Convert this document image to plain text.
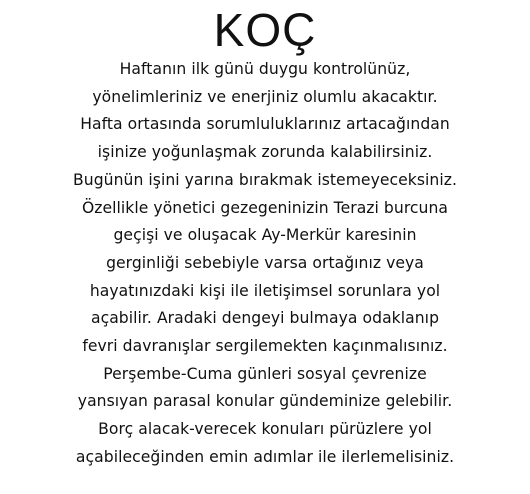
KOÇ
Haftanın ilk günü duygu kontrolünüz,
yönelimleriniz ve enerjiniz olumlu akacaktır.
Hafta ortasında sorumluluklarınız artacağından
işinize yoğunlaşmak zorunda kalabilirsiniz.
Bugünün işini yarına bırakmak istemeyeceksiniz.
Özellikle yönetici gezegeninizin Terazi burcuna
geçişi ve oluşacak Ay-Merkür karesinin
gerginliği sebebiyle varsa ortağınız veya
hayatınızdaki kişi ile iletişimsel sorunlara yol
açabilir. Aradaki dengeyi bulmaya odaklanıp
fevri davranışlar sergilemekten kaçınmalısınız.
Perşembe-Cuma günleri sosyal çevrenize
yansıyan parasal konular gündeminize gelebilir.
Borç alacak-verecek konuları pürüzlere yol
açabileceğinden emin adımlar ile ilerlemelisiniz.
